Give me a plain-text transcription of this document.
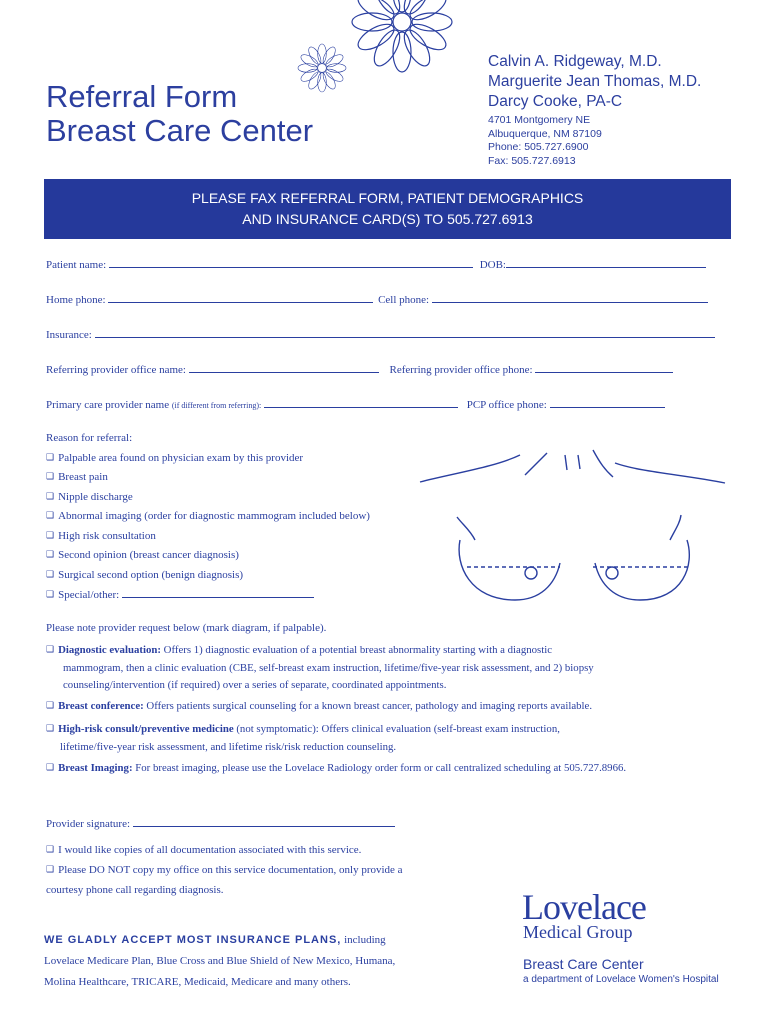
Referral Form
Breast Care Center
Calvin A. Ridgeway, M.D.
Marguerite Jean Thomas, M.D.
Darcy Cooke, PA-C
4701 Montgomery NE
Albuquerque, NM 87109
Phone: 505.727.6900
Fax: 505.727.6913
PLEASE FAX REFERRAL FORM, PATIENT DEMOGRAPHICS
AND INSURANCE CARD(S) TO 505.727.6913
Patient name:	DOB:
Home phone:	Cell phone:
Insurance:
Referring provider office name:	Referring provider office phone:
Primary care provider name (if different from referring):	PCP office phone:
Reason for referral:
❑ Palpable area found on physician exam by this provider
❑ Breast pain
❑ Nipple discharge
❑ Abnormal imaging (order for diagnostic mammogram included below)
❑ High risk consultation
❑ Second opinion (breast cancer diagnosis)
❑ Surgical second option (benign diagnosis)
❑ Special/other:
Please note provider request below (mark diagram, if palpable).
❑ Diagnostic evaluation: Offers 1) diagnostic evaluation of a potential breast abnormality starting with a diagnostic
mammogram, then a clinic evaluation (CBE, self-breast exam instruction, lifetime/five-year risk assessment, and 2) biopsy
counseling/intervention (if required) over a series of separate, coordinated appointments.
❑ Breast conference: Offers patients surgical counseling for a known breast cancer, pathology and imaging reports available.
❑ High-risk consult/preventive medicine (not symptomatic): Offers clinical evaluation (self-breast exam instruction,
lifetime/five-year risk assessment, and lifetime risk/risk reduction counseling.
❑ Breast Imaging: For breast imaging, please use the Lovelace Radiology order form or call centralized scheduling at 505.727.8966.
Provider signature:
❑ I would like copies of all documentation associated with this service.
❑ Please DO NOT copy my office on this service documentation, only provide a
courtesy phone call regarding diagnosis.
WE GLADLY ACCEPT MOST INSURANCE PLANS, including
Lovelace Medicare Plan, Blue Cross and Blue Shield of New Mexico, Humana,
Molina Healthcare, TRICARE, Medicaid, Medicare and many others.
Lovelace
Medical Group
Breast Care Center
a department of Lovelace Women's Hospital
